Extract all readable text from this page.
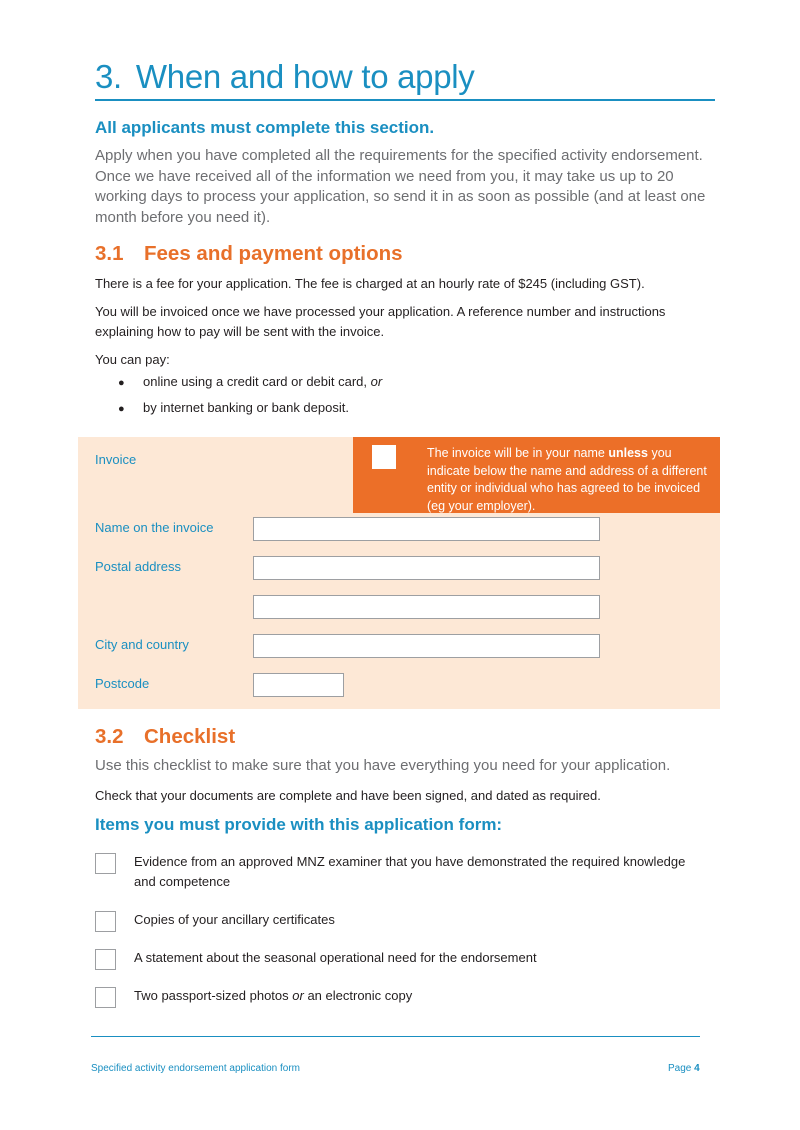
3. When and how to apply
All applicants must complete this section.
Apply when you have completed all the requirements for the specified activity endorsement. Once we have received all of the information we need from you, it may take us up to 20 working days to process your application, so send it in as soon as possible (and at least one month before you need it).
3.1 Fees and payment options
There is a fee for your application. The fee is charged at an hourly rate of $245 (including GST).
You will be invoiced once we have processed your application. A reference number and instructions explaining how to pay will be sent with the invoice.
You can pay:
●	online using a credit card or debit card, or
●	by internet banking or bank deposit.
The invoice will be in your name unless you indicate below the name and address of a different entity or individual who has agreed to be invoiced (eg your employer).
Invoice
Name on the invoice
Postal address
City and country
Postcode
3.2 Checklist
Use this checklist to make sure that you have everything you need for your application.
Check that your documents are complete and have been signed, and dated as required.
Items you must provide with this application form:
Evidence from an approved MNZ examiner that you have demonstrated the required knowledge and competence
Copies of your ancillary certificates
A statement about the seasonal operational need for the endorsement
Two passport-sized photos or an electronic copy
Specified activity endorsement application form	Page 4
